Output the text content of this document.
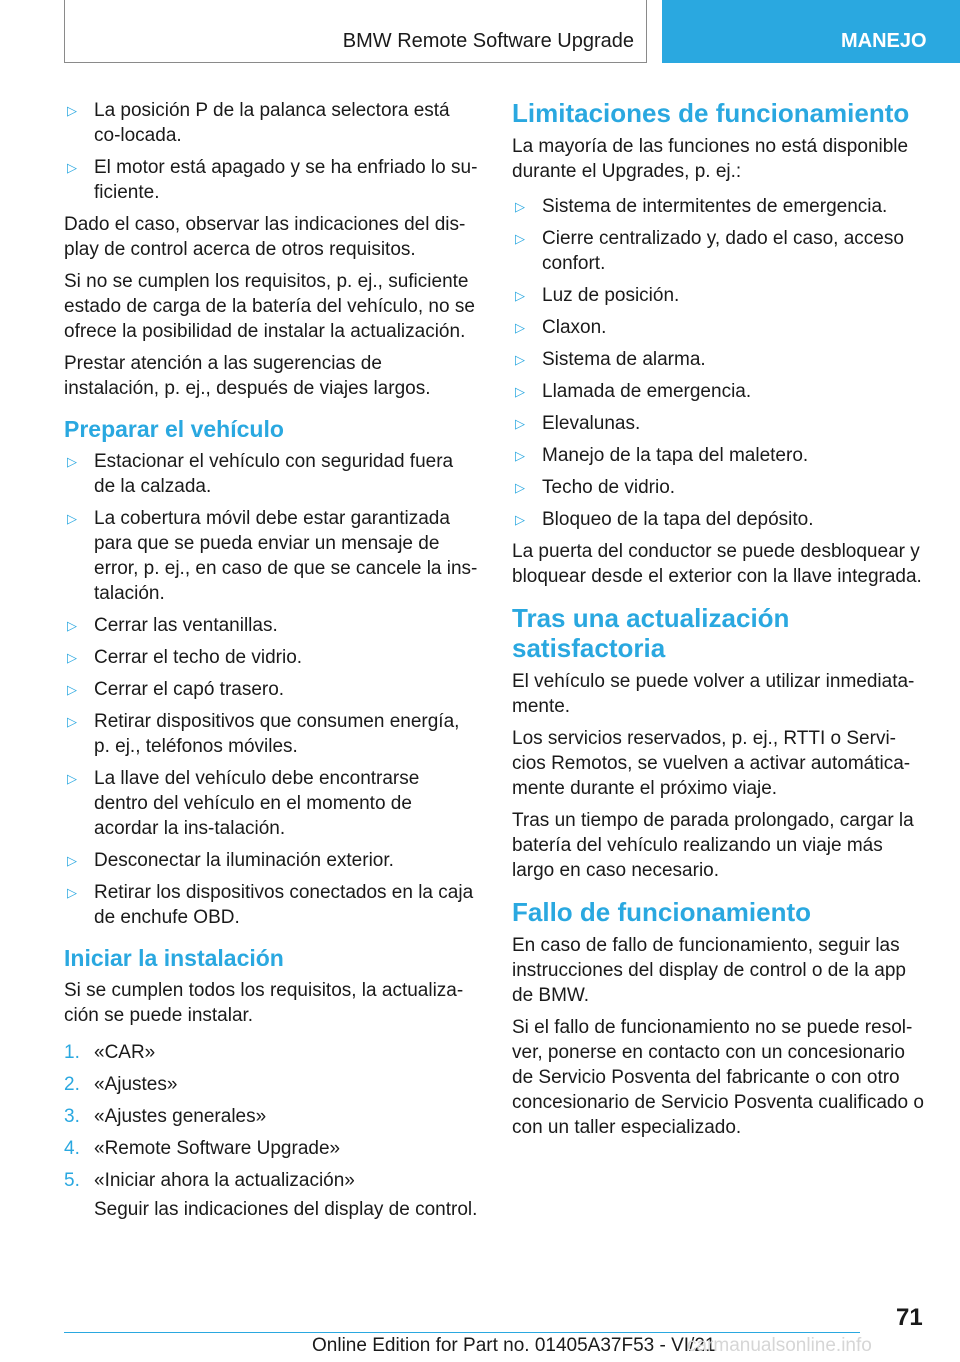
BMW Remote Software Upgrade	MANEJO
▷ La posición P de la palanca selectora está co-locada.
▷ El motor está apagado y se ha enfriado lo su-ficiente.

Dado el caso, observar las indicaciones del dis-play de control acerca de otros requisitos.

Si no se cumplen los requisitos, p. ej., suficiente estado de carga de la batería del vehículo, no se ofrece la posibilidad de instalar la actualización.

Prestar atención a las sugerencias de instalación, p. ej., después de viajes largos.

Preparar el vehículo
▷ Estacionar el vehículo con seguridad fuera de la calzada.
▷ La cobertura móvil debe estar garantizada para que se pueda enviar un mensaje de error, p. ej., en caso de que se cancele la ins-talación.
▷ Cerrar las ventanillas.
▷ Cerrar el techo de vidrio.
▷ Cerrar el capó trasero.
▷ Retirar dispositivos que consumen energía, p. ej., teléfonos móviles.
▷ La llave del vehículo debe encontrarse dentro del vehículo en el momento de acordar la ins-talación.
▷ Desconectar la iluminación exterior.
▷ Retirar los dispositivos conectados en la caja de enchufe OBD.
Iniciar la instalación

Si se cumplen todos los requisitos, la actualiza-ción se puede instalar.

1. «CAR»
2. «Ajustes»
3. «Ajustes generales»
4. «Remote Software Upgrade»
5. «Iniciar ahora la actualización»

Seguir las indicaciones del display de control.

Limitaciones de funcionamiento

La mayoría de las funciones no está disponible durante el Upgrades, p. ej.:

▷ Sistema de intermitentes de emergencia.
▷ Cierre centralizado y, dado el caso, acceso confort.
▷ Luz de posición.
▷ Claxon.
▷ Sistema de alarma.
▷ Llamada de emergencia.
▷ Elevalunas.
▷ Manejo de la tapa del maletero.
▷ Techo de vidrio.
▷ Bloqueo de la tapa del depósito.

La puerta del conductor se puede desbloquear y bloquear desde el exterior con la llave integrada.

Tras una actualización satisfactoria

El vehículo se puede volver a utilizar inmediata-mente.

Los servicios reservados, p. ej., RTTI o Servi-cios Remotos, se vuelven a activar automática-mente durante el próximo viaje.

Tras un tiempo de parada prolongado, cargar la batería del vehículo realizando un viaje más largo en caso necesario.

Fallo de funcionamiento

En caso de fallo de funcionamiento, seguir las instrucciones del display de control o de la app de BMW.

Si el fallo de funcionamiento no se puede resol-ver, ponerse en contacto con un concesionario de Servicio Posventa del fabricante o con otro concesionario de Servicio Posventa cualificado o con un taller especializado.

71
Online Edition for Part no. 01405A37F53 - VI/21
carmanualsonline.info
